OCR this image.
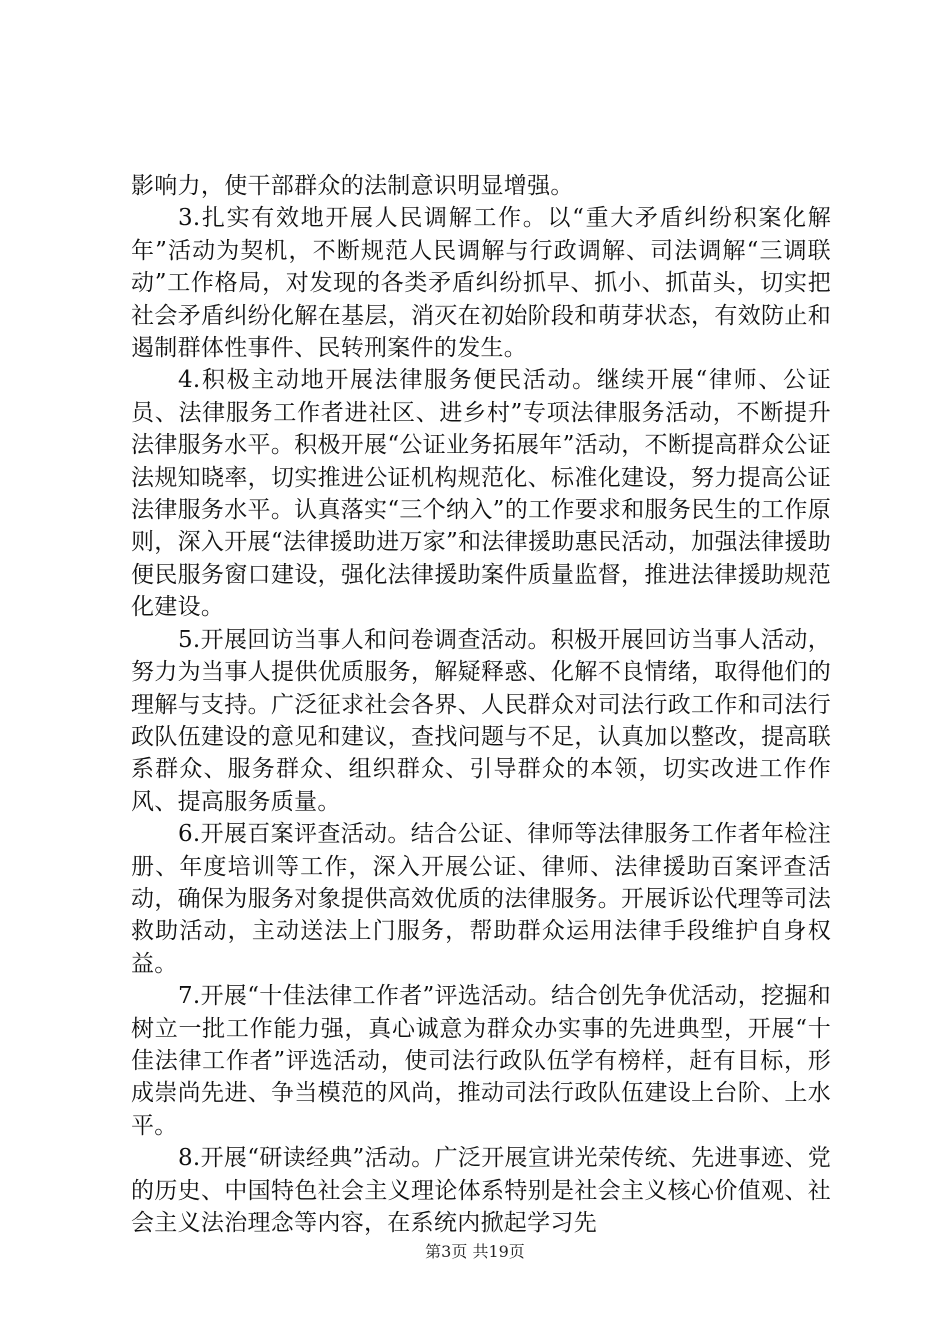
影响力，使干部群众的法制意识明显增强。

3.扎实有效地开展人民调解工作。以“重大矛盾纠纷积案化解年”活动为契机，不断规范人民调解与行政调解、司法调解“三调联动”工作格局，对发现的各类矛盾纠纷抓早、抓小、抓苗头，切实把社会矛盾纠纷化解在基层，消灭在初始阶段和萌芽状态，有效防止和遏制群体性事件、民转刑案件的发生。

4.积极主动地开展法律服务便民活动。继续开展“律师、公证员、法律服务工作者进社区、进乡村”专项法律服务活动，不断提升法律服务水平。积极开展“公证业务拓展年”活动，不断提高群众公证法规知晓率，切实推进公证机构规范化、标准化建设，努力提高公证法律服务水平。认真落实“三个纳入”的工作要求和服务民生的工作原则，深入开展“法律援助进万家”和法律援助惠民活动，加强法律援助便民服务窗口建设，强化法律援助案件质量监督，推进法律援助规范化建设。

5.开展回访当事人和问卷调查活动。积极开展回访当事人活动，努力为当事人提供优质服务，解疑释惑、化解不良情绪，取得他们的理解与支持。广泛征求社会各界、人民群众对司法行政工作和司法行政队伍建设的意见和建议，查找问题与不足，认真加以整改，提高联系群众、服务群众、组织群众、引导群众的本领，切实改进工作作风、提高服务质量。

6.开展百案评查活动。结合公证、律师等法律服务工作者年检注册、年度培训等工作，深入开展公证、律师、法律援助百案评查活动，确保为服务对象提供高效优质的法律服务。开展诉讼代理等司法救助活动，主动送法上门服务，帮助群众运用法律手段维护自身权益。

7.开展“十佳法律工作者”评选活动。结合创先争优活动，挖掘和树立一批工作能力强，真心诚意为群众办实事的先进典型，开展“十佳法律工作者”评选活动，使司法行政队伍学有榜样，赶有目标，形成崇尚先进、争当模范的风尚，推动司法行政队伍建设上台阶、上水平。

8.开展“研读经典”活动。广泛开展宣讲光荣传统、先进事迹、党的历史、中国特色社会主义理论体系特别是社会主义核心价值观、社会主义法治理念等内容，在系统内掀起学习先

第3页 共19页
